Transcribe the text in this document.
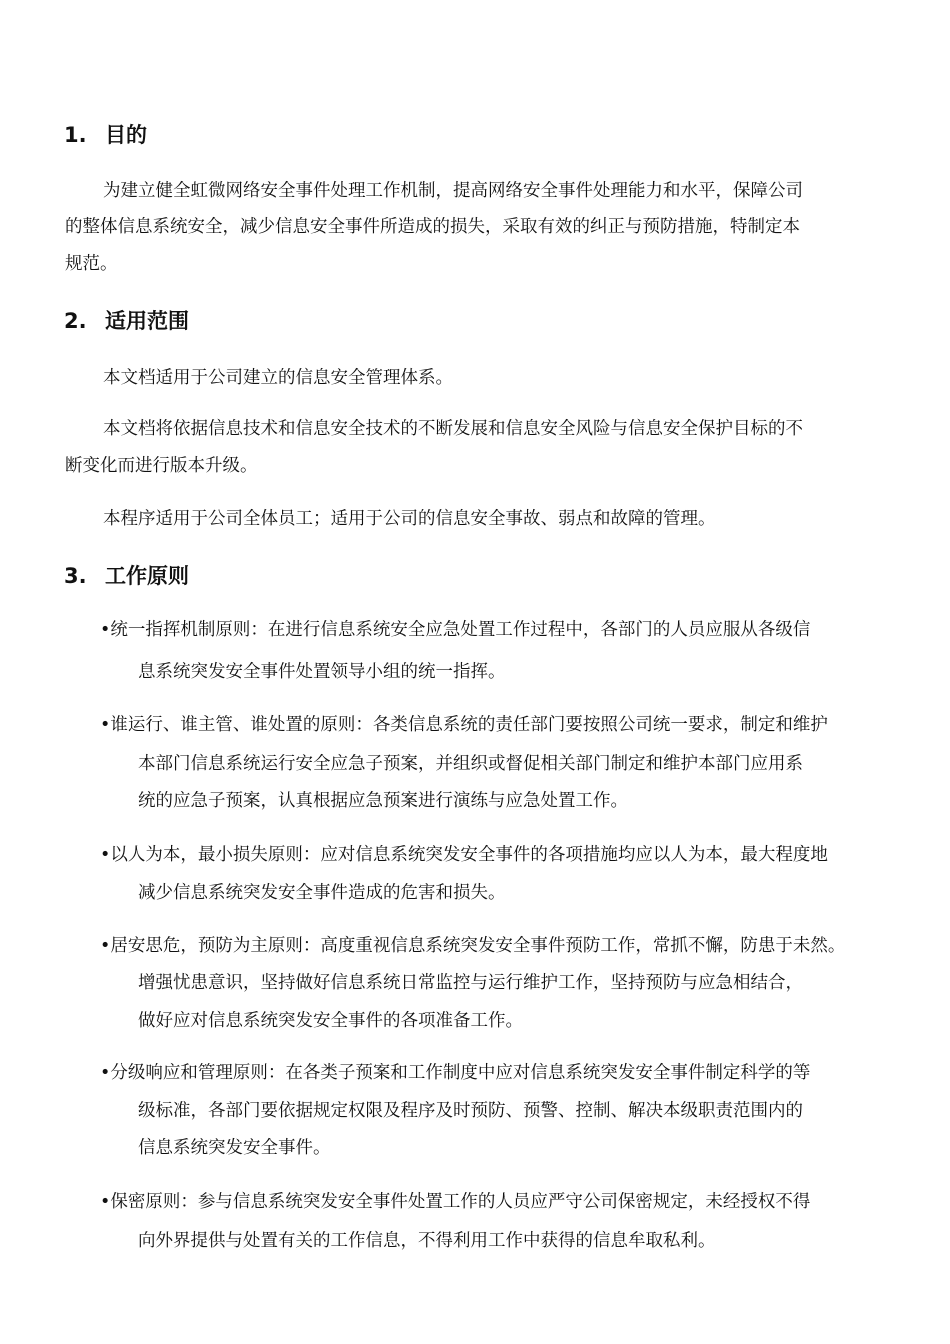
1. 目的
为建立健全虹微网络安全事件处理工作机制，提高网络安全事件处理能力和水平，保障公司
的整体信息系统安全，减少信息安全事件所造成的损失，采取有效的纠正与预防措施，特制定本
规范。
2. 适用范围
本文档适用于公司建立的信息安全管理体系。
本文档将依据信息技术和信息安全技术的不断发展和信息安全风险与信息安全保护目标的不
断变化而进行版本升级。
本程序适用于公司全体员工；适用于公司的信息安全事故、弱点和故障的管理。
3. 工作原则
•统一指挥机制原则：在进行信息系统安全应急处置工作过程中，各部门的人员应服从各级信
息系统突发安全事件处置领导小组的统一指挥。
•谁运行、谁主管、谁处置的原则：各类信息系统的责任部门要按照公司统一要求，制定和维护
本部门信息系统运行安全应急子预案，并组织或督促相关部门制定和维护本部门应用系
统的应急子预案，认真根据应急预案进行演练与应急处置工作。
•以人为本，最小损失原则：应对信息系统突发安全事件的各项措施均应以人为本，最大程度地
减少信息系统突发安全事件造成的危害和损失。
•居安思危，预防为主原则：高度重视信息系统突发安全事件预防工作，常抓不懈，防患于未然。
增强忧患意识，坚持做好信息系统日常监控与运行维护工作，坚持预防与应急相结合，
做好应对信息系统突发安全事件的各项准备工作。
•分级响应和管理原则：在各类子预案和工作制度中应对信息系统突发安全事件制定科学的等
级标准，各部门要依据规定权限及程序及时预防、预警、控制、解决本级职责范围内的
信息系统突发安全事件。
•保密原则：参与信息系统突发安全事件处置工作的人员应严守公司保密规定，未经授权不得
向外界提供与处置有关的工作信息，不得利用工作中获得的信息牟取私利。
